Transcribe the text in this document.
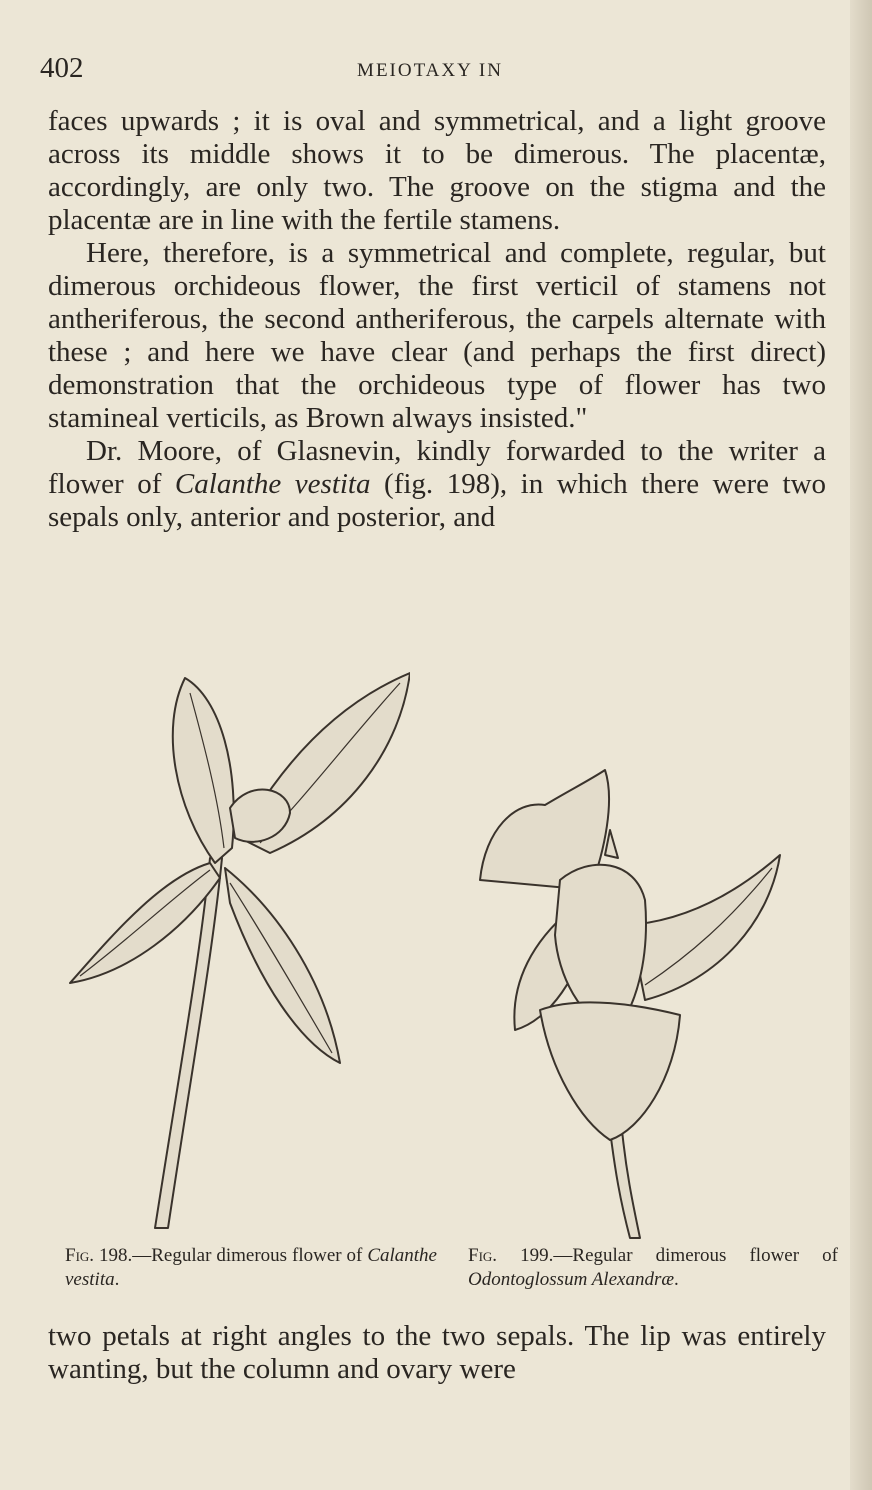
402	MEIOTAXY IN

faces upwards ; it is oval and symmetrical, and a light groove across its middle shows it to be dimerous. The placentæ, accordingly, are only two. The groove on the stigma and the placentæ are in line with the fertile stamens.

Here, therefore, is a symmetrical and complete, regular, but dimerous orchideous flower, the first verticil of stamens not antheriferous, the second antheriferous, the carpels alternate with these ; and here we have clear (and perhaps the first direct) demonstration that the orchideous type of flower has two stamineal verticils, as Brown always insisted."

Dr. Moore, of Glasnevin, kindly forwarded to the writer a flower of Calanthe vestita (fig. 198), in which there were two sepals only, anterior and posterior, and

Fig. 198.—Regular dimerous flower of Calanthe vestita.
Fig. 199.—Regular dimerous flower of Odontoglossum Alexandræ.

two petals at right angles to the two sepals. The lip was entirely wanting, but the column and ovary were
